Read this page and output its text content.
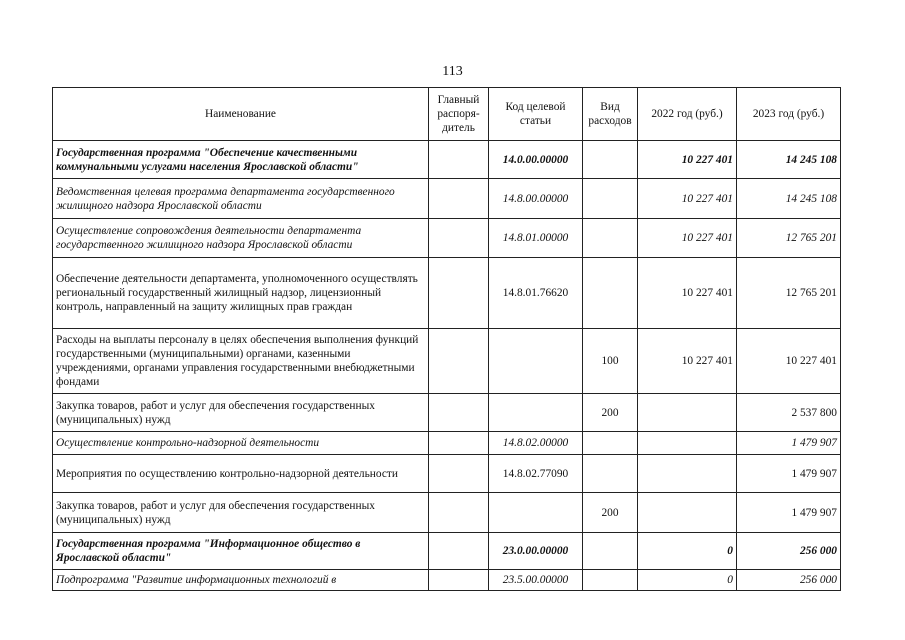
113
Наименование	Главный распоря-дитель	Код целевой статьи	Вид расходов	2022 год (руб.)	2023 год (руб.)
Государственная программа "Обеспечение качественными коммунальными услугами населения Ярославской области"		14.0.00.00000		10 227 401	14 245 108
Ведомственная целевая программа департамента государственного жилищного надзора Ярославской области		14.8.00.00000		10 227 401	14 245 108
Осуществление сопровождения деятельности департамента государственного жилищного надзора Ярославской области		14.8.01.00000		10 227 401	12 765 201
Обеспечение деятельности департамента, уполномоченного осуществлять региональный государственный жилищный надзор, лицензионный контроль, направленный на защиту жилищных прав граждан		14.8.01.76620		10 227 401	12 765 201
Расходы на выплаты персоналу в целях обеспечения выполнения функций государственными (муниципальными) органами, казенными учреждениями, органами управления государственными внебюджетными фондами			100	10 227 401	10 227 401
Закупка товаров, работ и услуг для обеспечения государственных (муниципальных) нужд			200		2 537 800
Осуществление контрольно-надзорной деятельности		14.8.02.00000			1 479 907
Мероприятия по осуществлению контрольно-надзорной деятельности		14.8.02.77090			1 479 907
Закупка товаров, работ и услуг для обеспечения государственных (муниципальных) нужд			200		1 479 907
Государственная программа "Информационное общество в Ярославской области"		23.0.00.00000		0	256 000
Подпрограмма "Развитие информационных технологий в		23.5.00.00000		0	256 000
